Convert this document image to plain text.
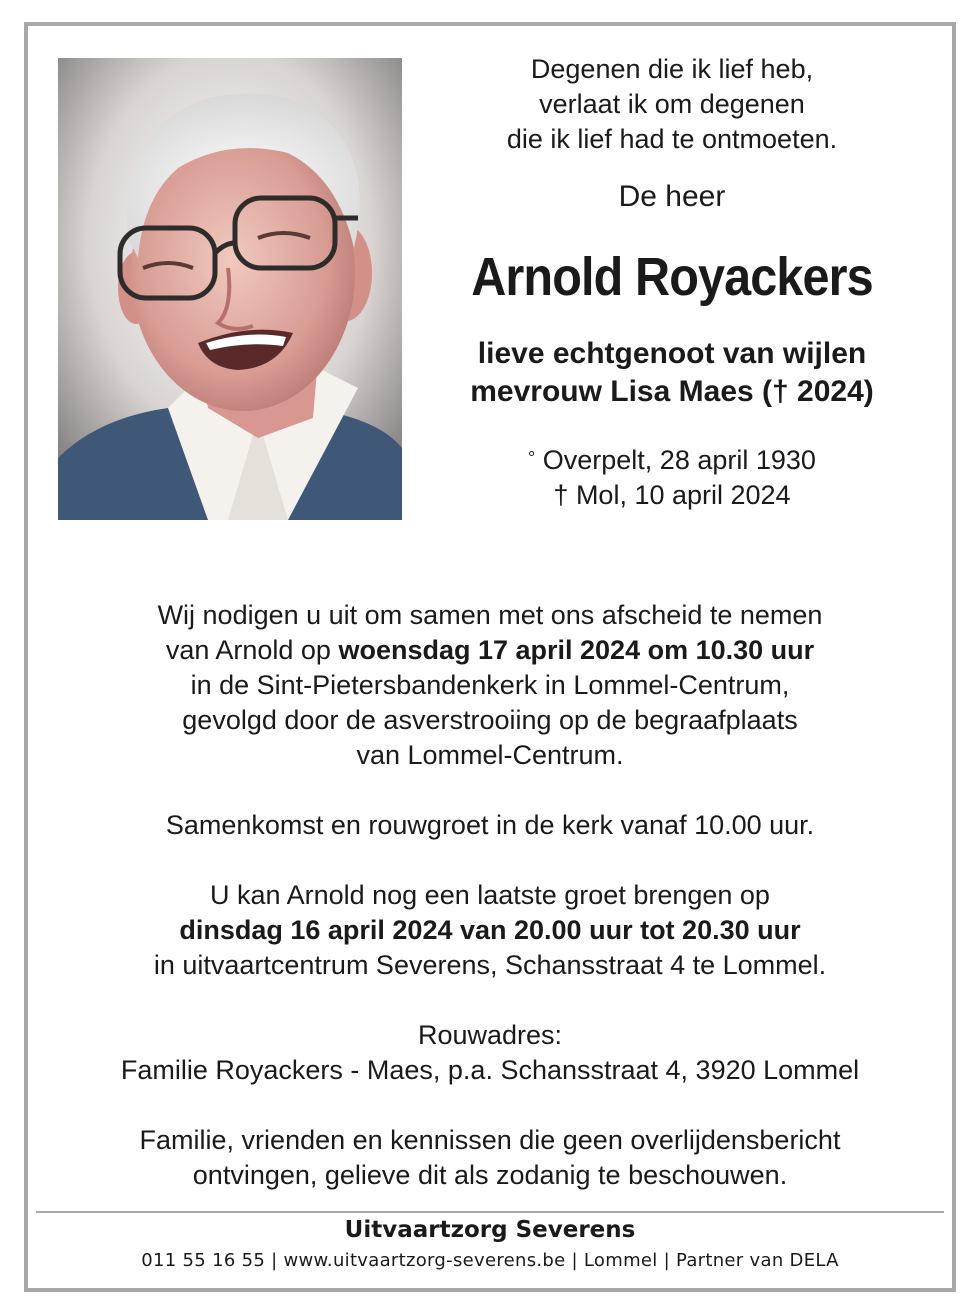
Degenen die ik lief heb,
verlaat ik om degenen
die ik lief had te ontmoeten.
De heer
Arnold Royackers
lieve echtgenoot van wijlen
mevrouw Lisa Maes († 2024)
° Overpelt, 28 april 1930
† Mol, 10 april 2024

Wij nodigen u uit om samen met ons afscheid te nemen

van Arnold op woensdag 17 april 2024 om 10.30 uur

in de Sint-Pietersbandenkerk in Lommel-Centrum,

gevolgd door de asverstrooiing op de begraafplaats

van Lommel-Centrum.

Samenkomst en rouwgroet in de kerk vanaf 10.00 uur.

U kan Arnold nog een laatste groet brengen op

dinsdag 16 april 2024 van 20.00 uur tot 20.30 uur

in uitvaartcentrum Severens, Schansstraat 4 te Lommel.

Rouwadres:

Familie Royackers - Maes, p.a. Schansstraat 4, 3920 Lommel

Familie, vrienden en kennissen die geen overlijdensbericht

ontvingen, gelieve dit als zodanig te beschouwen.

Uitvaartzorg Severens
011 55 16 55 | www.uitvaartzorg-severens.be | Lommel | Partner van DELA
